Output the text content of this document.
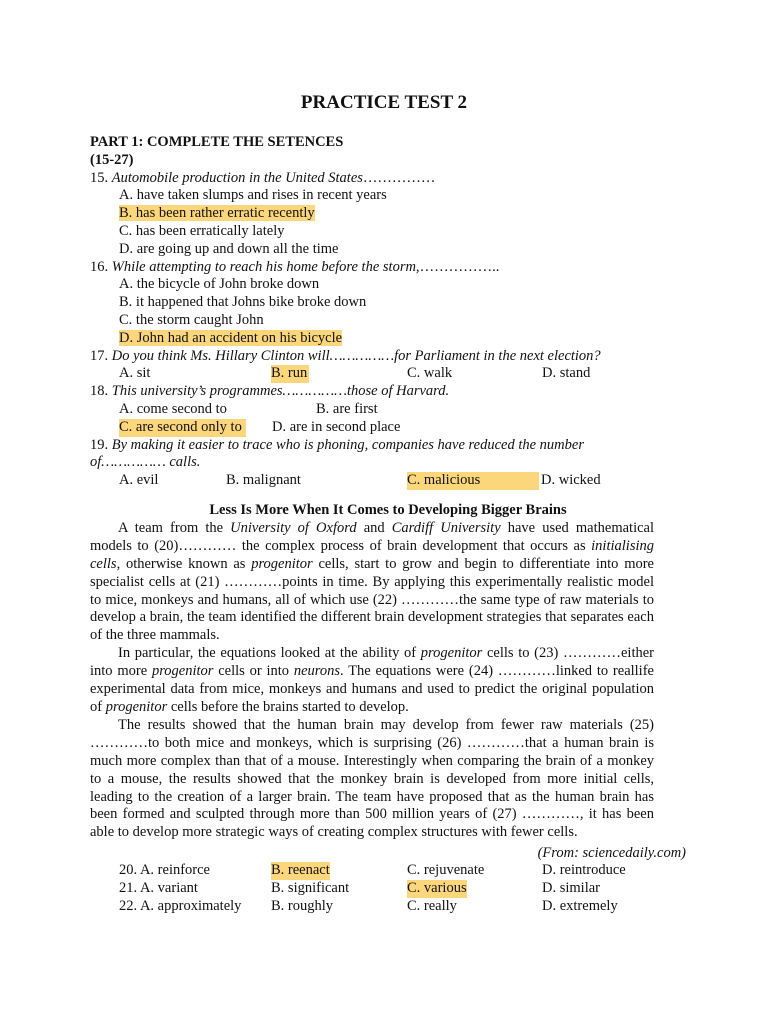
PRACTICE TEST 2
PART 1: COMPLETE THE SETENCES
(15-27)
15. Automobile production in the United States……………
A. have taken slumps and rises in recent years
B. has been rather erratic recently
C. has been erratically lately
D. are going up and down all the time
16. While attempting to reach his home before the storm,……………..
A. the bicycle of John broke down
B. it happened that Johns bike broke down
C. the storm caught John
D. John had an accident on his bicycle
17. Do you think Ms. Hillary Clinton will……………for Parliament in the next election?
A. sit	B. run	C. walk	D. stand
18. This university’s programmes……………those of Harvard.
A. come second to	B. are first
C. are second only to D. are in second place
19. By making it easier to trace who is phoning, companies have reduced the number
of…………… calls.
A. evil	B. malignant	C. malicious	D. wicked
Less Is More When It Comes to Developing Bigger Brains

A team from the University of Oxford and Cardiff University have used mathematical models to (20)………… the complex process of brain development that occurs as initialising cells, otherwise known as progenitor cells, start to grow and begin to differentiate into more specialist cells at (21) …………points in time. By applying this experimentally realistic model to mice, monkeys and humans, all of which use (22) …………the same type of raw materials to develop a brain, the team identified the different brain development strategies that separates each of the three mammals.

In particular, the equations looked at the ability of progenitor cells to (23) …………either into more progenitor cells or into neurons. The equations were (24) …………linked to reallife experimental data from mice, monkeys and humans and used to predict the original population of progenitor cells before the brains started to develop.

The results showed that the human brain may develop from fewer raw materials (25) …………to both mice and monkeys, which is surprising (26) …………that a human brain is much more complex than that of a mouse. Interestingly when comparing the brain of a monkey to a mouse, the results showed that the monkey brain is developed from more initial cells, leading to the creation of a larger brain. The team have proposed that as the human brain has been formed and sculpted through more than 500 million years of (27) …………, it has been able to develop more strategic ways of creating complex structures with fewer cells.

(From: sciencedaily.com)
20. A. reinforce	B. reenact	C. rejuvenate	D. reintroduce
21. A. variant	B. significant	C. various	D. similar
22. A. approximately B. roughly	C. really	D. extremely
